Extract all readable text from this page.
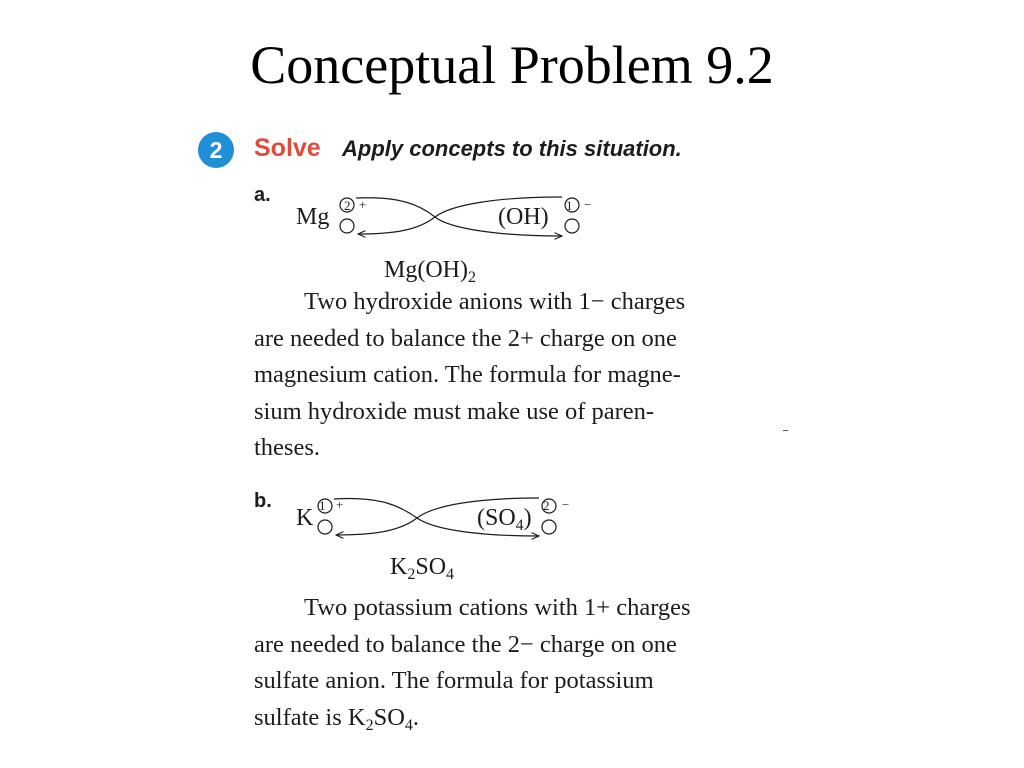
Conceptual Problem 9.2
2	Solve Apply concepts to this situation.
a.
Mg 2 +	(OH) 1 −
$Mg(OH)_2$
Two hydroxide anions with 1− charges
are needed to balance the 2+ charge on one
magnesium cation. The formula for magne-
sium hydroxide must make use of paren-
theses.
b.
K 1 +
$(SO_4) 2$ −
$K_2SO_4$
Two potassium cations with 1+ charges
are needed to balance the 2− charge on one
sulfate anion. The formula for potassium
sulfate is $K_2SO_4$.
